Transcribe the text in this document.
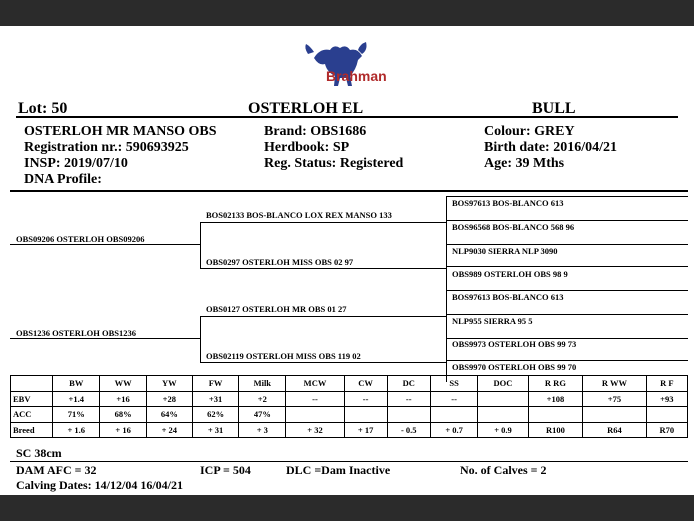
Brahman
Lot: 50	OSTERLOH EL	BULL
OSTERLOH MR MANSO OBS
Registration nr.: 590693925
INSP: 2019/07/10
DNA Profile:
Brand: OBS1686
Herdbook: SP
Reg. Status: Registered
Colour: GREY
Birth date: 2016/04/21
Age: 39 Mths
OBS09206 OSTERLOH OBS09206
OBS1236 OSTERLOH OBS1236
BOS02133 BOS-BLANCO LOX REX MANSO 133
OBS0297 OSTERLOH MISS OBS 02 97
OBS0127 OSTERLOH MR OBS 01 27
OBS02119 OSTERLOH MISS OBS 119 02
BOS97613 BOS-BLANCO 613
BOS96568 BOS-BLANCO 568 96
NLP9030 SIERRA NLP 3090
OBS989 OSTERLOH OBS 98 9
BOS97613 BOS-BLANCO 613
NLP955 SIERRA 95 5
OBS9973 OSTERLOH OBS 99 73
OBS9970 OSTERLOH OBS 99 70
	BW	WW	YW	FW	Milk	MCW	CW	DC	SS	DOC	R RG	R WW	R F
EBV	+1.4	+16	+28	+31	+2	--	--	--	--		+108	+75	+93
ACC	71%	68%	64%	62%	47%								
Breed	+ 1.6	+ 16	+ 24	+ 31	+ 3	+ 32	+ 17	- 0.5	+ 0.7	+ 0.9	R100	R64	R70
SC 38cm
DAM AFC = 32	ICP = 504	DLC =Dam Inactive	No. of Calves = 2
Calving Dates: 14/12/04 16/04/21
